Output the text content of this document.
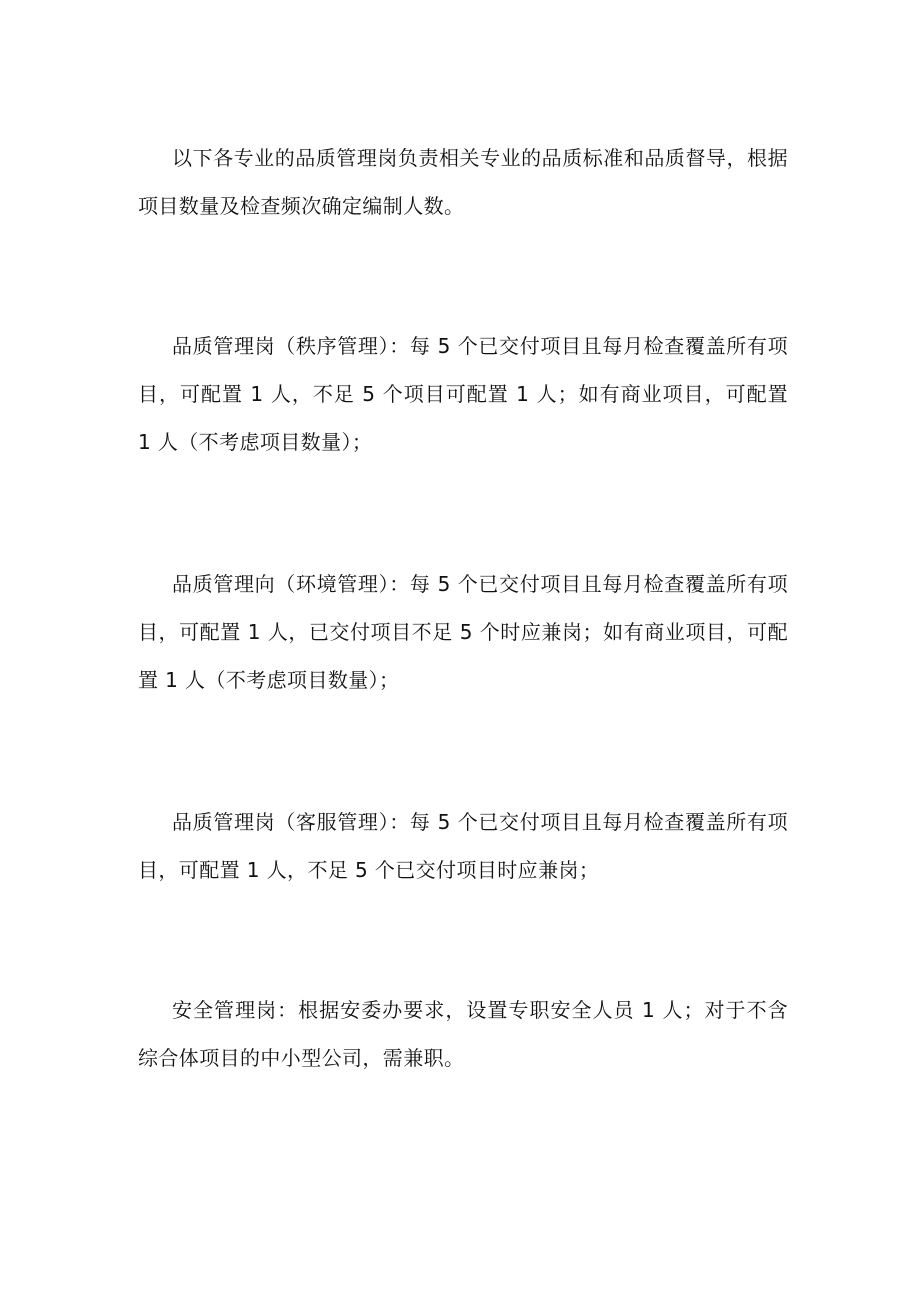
以下各专业的品质管理岗负责相关专业的品质标准和品质督导，根据项目数量及检查频次确定编制人数。

品质管理岗（秩序管理）：每 5 个已交付项目且每月检查覆盖所有项目，可配置 1 人，不足 5 个项目可配置 1 人；如有商业项目，可配置 1 人（不考虑项目数量）；

品质管理向（环境管理）：每 5 个已交付项目且每月检查覆盖所有项目，可配置 1 人，已交付项目不足 5 个时应兼岗；如有商业项目，可配置 1 人（不考虑项目数量）；

品质管理岗（客服管理）：每 5 个已交付项目且每月检查覆盖所有项目，可配置 1 人，不足 5 个已交付项目时应兼岗；

安全管理岗：根据安委办要求，设置专职安全人员 1 人；对于不含综合体项目的中小型公司，需兼职。
